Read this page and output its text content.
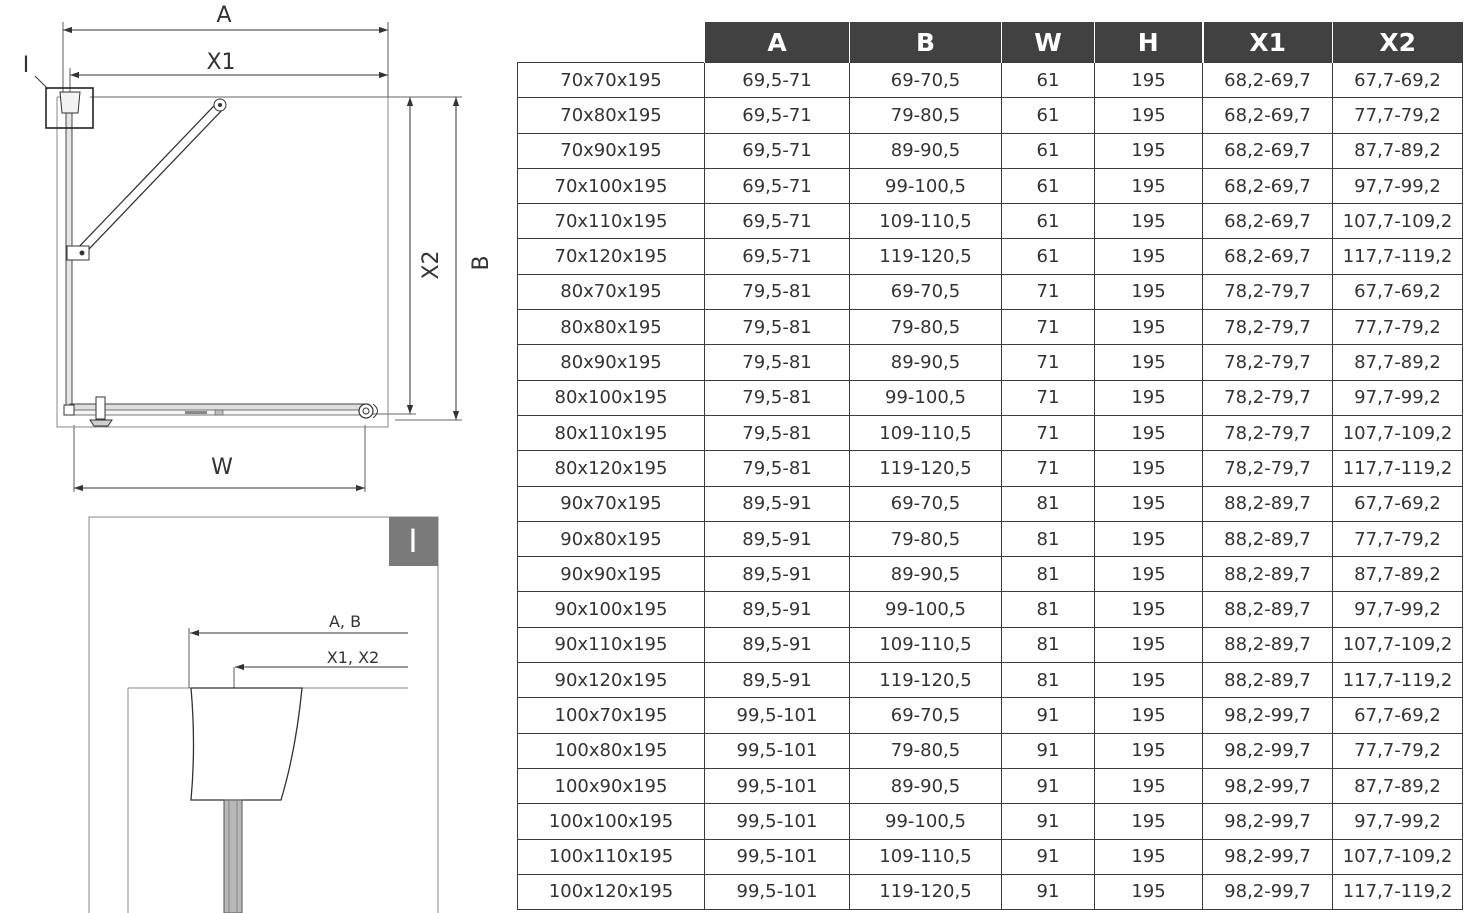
A
X1
I
X2 B
W
I
A, B
X1, X2
	A	B	W	H	X1	X2
70x70x195	69,5-71	69-70,5	61	195	68,2-69,7	67,7-69,2
70x80x195	69,5-71	79-80,5	61	195	68,2-69,7	77,7-79,2
70x90x195	69,5-71	89-90,5	61	195	68,2-69,7	87,7-89,2
70x100x195	69,5-71	99-100,5	61	195	68,2-69,7	97,7-99,2
70x110x195	69,5-71	109-110,5	61	195	68,2-69,7	107,7-109,2
70x120x195	69,5-71	119-120,5	61	195	68,2-69,7	117,7-119,2
80x70x195	79,5-81	69-70,5	71	195	78,2-79,7	67,7-69,2
80x80x195	79,5-81	79-80,5	71	195	78,2-79,7	77,7-79,2
80x90x195	79,5-81	89-90,5	71	195	78,2-79,7	87,7-89,2
80x100x195	79,5-81	99-100,5	71	195	78,2-79,7	97,7-99,2
80x110x195	79,5-81	109-110,5	71	195	78,2-79,7	107,7-109,2
80x120x195	79,5-81	119-120,5	71	195	78,2-79,7	117,7-119,2
90x70x195	89,5-91	69-70,5	81	195	88,2-89,7	67,7-69,2
90x80x195	89,5-91	79-80,5	81	195	88,2-89,7	77,7-79,2
90x90x195	89,5-91	89-90,5	81	195	88,2-89,7	87,7-89,2
90x100x195	89,5-91	99-100,5	81	195	88,2-89,7	97,7-99,2
90x110x195	89,5-91	109-110,5	81	195	88,2-89,7	107,7-109,2
90x120x195	89,5-91	119-120,5	81	195	88,2-89,7	117,7-119,2
100x70x195	99,5-101	69-70,5	91	195	98,2-99,7	67,7-69,2
100x80x195	99,5-101	79-80,5	91	195	98,2-99,7	77,7-79,2
100x90x195	99,5-101	89-90,5	91	195	98,2-99,7	87,7-89,2
100x100x195	99,5-101	99-100,5	91	195	98,2-99,7	97,7-99,2
100x110x195	99,5-101	109-110,5	91	195	98,2-99,7	107,7-109,2
100x120x195	99,5-101	119-120,5	91	195	98,2-99,7	117,7-119,2
